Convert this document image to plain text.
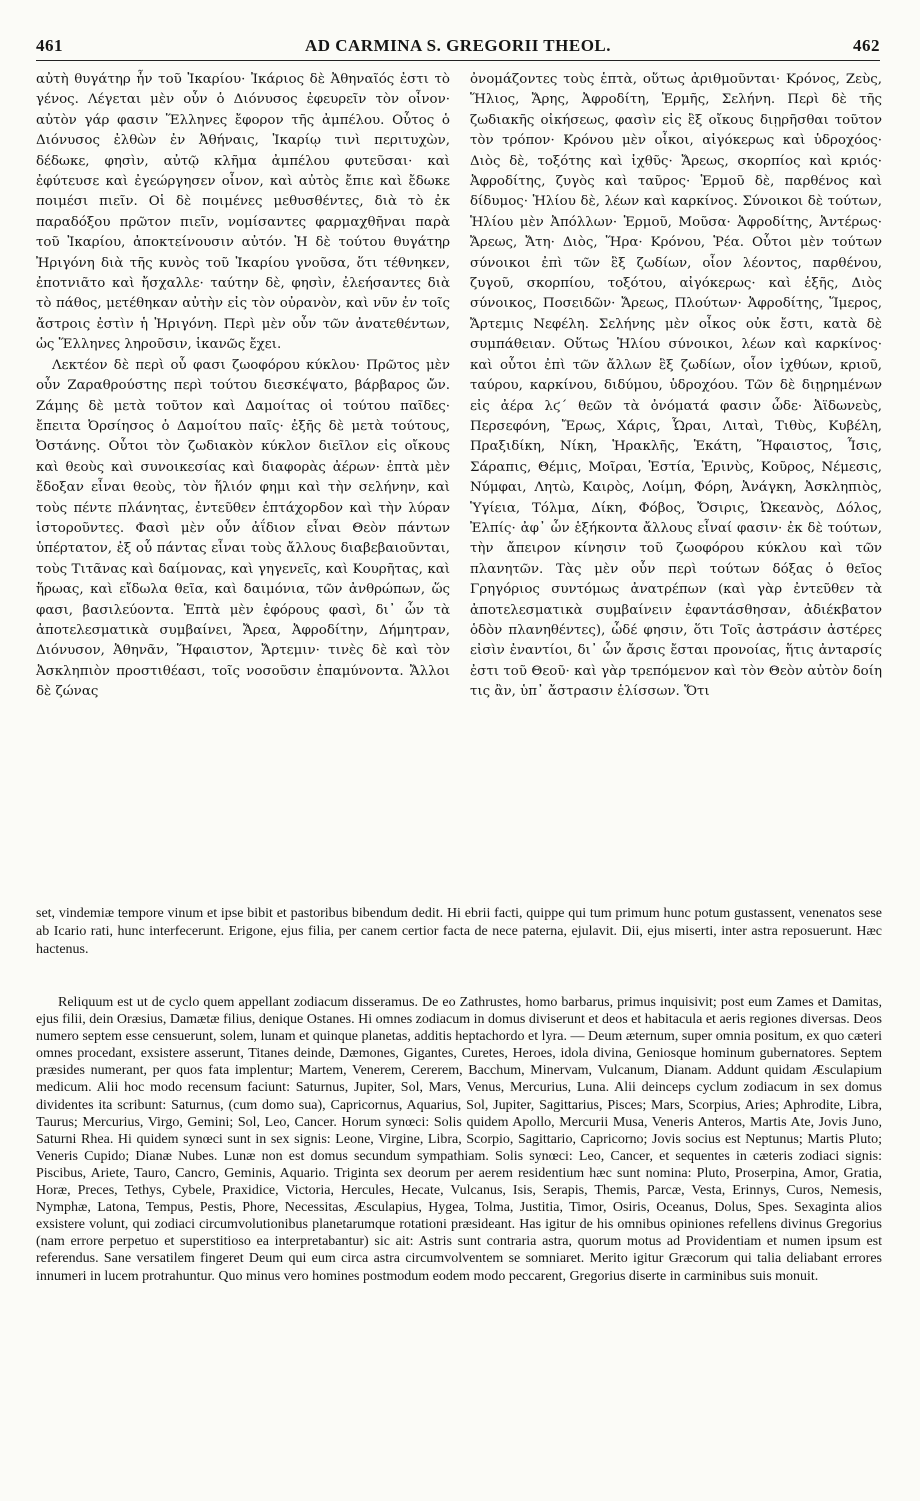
461	AD CARMINA S. GREGORII THEOL.	462

αὐτὴ θυγάτηρ ἦν τοῦ Ἰκαρίου· Ἰκάριος δὲ Ἀθηναῖός ἐστι τὸ γένος. Λέγεται μὲν οὖν ὁ Διόνυσος ἐφευρεῖν τὸν οἶνον· αὐτὸν γάρ φασιν Ἕλληνες ἔφορον τῆς ἀμπέλου. Οὗτος ὁ Διόνυσος ἐλθὼν ἐν Ἀθήναις, Ἰκαρίῳ τινὶ περιτυχὼν, δέδωκε, φησὶν, αὐτῷ κλῆμα ἀμπέλου φυτεῦσαι· καὶ ἐφύτευσε καὶ ἐγεώργησεν οἶνον, καὶ αὐτὸς ἔπιε καὶ ἔδωκε ποιμέσι πιεῖν. Οἱ δὲ ποιμένες μεθυσθέντες, διὰ τὸ ἐκ παραδόξου πρῶτον πιεῖν, νομίσαντες φαρμαχθῆναι παρὰ τοῦ Ἰκαρίου, ἀποκτείνουσιν αὐτόν. Ἡ δὲ τούτου θυγάτηρ Ἠριγόνη διὰ τῆς κυνὸς τοῦ Ἰκαρίου γνοῦσα, ὅτι τέθνηκεν, ἐποτνιᾶτο καὶ ἤσχαλλε· ταύτην δὲ, φησὶν, ἐλεήσαντες διὰ τὸ πάθος, μετέθηκαν αὐτὴν εἰς τὸν οὐρανὸν, καὶ νῦν ἐν τοῖς ἄστροις ἐστὶν ἡ Ἠριγόνη. Περὶ μὲν οὖν τῶν ἀνατεθέντων, ὡς Ἕλληνες ληροῦσιν, ἱκανῶς ἔχει.

Λεκτέον δὲ περὶ οὗ φασι ζωοφόρου κύκλου· Πρῶτος μὲν οὖν Ζαραθρούστης περὶ τούτου διεσκέψατο, βάρβαρος ὤν. Ζάμης δὲ μετὰ τοῦτον καὶ Δαμοίτας οἱ τούτου παῖδες· ἔπειτα Ὀρσίησος ὁ Δαμοίτου παῖς· ἐξῆς δὲ μετὰ τούτους, Ὀστάνης. Οὗτοι τὸν ζωδιακὸν κύκλον διεῖλον εἰς οἴκους καὶ θεοὺς καὶ συνοικεσίας καὶ διαφορὰς ἀέρων· ἑπτὰ μὲν ἔδοξαν εἶναι θεοὺς, τὸν ἥλιόν φημι καὶ τὴν σελήνην, καὶ τοὺς πέντε πλάνητας, ἐντεῦθεν ἑπτάχορδον καὶ τὴν λύραν ἱστοροῦντες. Φασὶ μὲν οὖν ἀΐδιον εἶναι Θεὸν πάντων ὑπέρτατον, ἐξ οὗ πάντας εἶναι τοὺς ἄλλους διαβεβαιοῦνται, τοὺς Τιτᾶνας καὶ δαίμονας, καὶ γηγενεῖς, καὶ Κουρῆτας, καὶ ἥρωας, καὶ εἴδωλα θεῖα, καὶ δαιμόνια, τῶν ἀνθρώπων, ὥς φασι, βασιλεύοντα. Ἑπτὰ μὲν ἐφόρους φασὶ, δι᾽ ὧν τὰ ἀποτελεσματικὰ συμβαίνει, Ἄρεα, Ἀφροδίτην, Δήμητραν, Διόνυσον, Ἀθηνᾶν, Ἥφαιστον, Ἄρτεμιν· τινὲς δὲ καὶ τὸν Ἀσκληπιὸν προστιθέασι, τοῖς νοσοῦσιν ἐπαμύνοντα. Ἄλλοι δὲ ζώνας

ὀνομάζοντες τοὺς ἑπτὰ, οὕτως ἀριθμοῦνται· Κρόνος, Ζεὺς, Ἥλιος, Ἄρης, Ἀφροδίτη, Ἑρμῆς, Σελήνη. Περὶ δὲ τῆς ζωδιακῆς οἰκήσεως, φασὶν εἰς ἓξ οἴκους διῃρῆσθαι τοῦτον τὸν τρόπον· Κρόνου μὲν οἶκοι, αἰγόκερως καὶ ὑδροχόος· Διὸς δὲ, τοξότης καὶ ἰχθῦς· Ἄρεως, σκορπίος καὶ κριός· Ἀφροδίτης, ζυγὸς καὶ ταῦρος· Ἑρμοῦ δὲ, παρθένος καὶ δίδυμος· Ἡλίου δὲ, λέων καὶ καρκίνος. Σύνοικοι δὲ τούτων, Ἡλίου μὲν Ἀπόλλων· Ἑρμοῦ, Μοῦσα· Ἀφροδίτης, Ἀντέρως· Ἄρεως, Ἄτη· Διὸς, Ἥρα· Κρόνου, Ῥέα. Οὗτοι μὲν τούτων σύνοικοι ἐπὶ τῶν ἓξ ζωδίων, οἷον λέοντος, παρθένου, ζυγοῦ, σκορπίου, τοξότου, αἰγόκερως· καὶ ἑξῆς, Διὸς σύνοικος, Ποσειδῶν· Ἄρεως, Πλούτων· Ἀφροδίτης, Ἵμερος, Ἄρτεμις Νεφέλη. Σελήνης μὲν οἶκος οὐκ ἔστι, κατὰ δὲ συμπάθειαν. Οὕτως Ἡλίου σύνοικοι, λέων καὶ καρκίνος· καὶ οὗτοι ἐπὶ τῶν ἄλλων ἓξ ζωδίων, οἷον ἰχθύων, κριοῦ, ταύρου, καρκίνου, διδύμου, ὑδροχόου. Τῶν δὲ διῃρημένων εἰς ἀέρα λϛ´ θεῶν τὰ ὀνόματά φασιν ὧδε· Ἀϊδωνεὺς, Περσεφόνη, Ἔρως, Χάρις, Ὧραι, Λιταὶ, Τιθὺς, Κυβέλη, Πραξιδίκη, Νίκη, Ἡρακλῆς, Ἑκάτη, Ἥφαιστος, Ἶσις, Σάραπις, Θέμις, Μοῖραι, Ἑστία, Ἐρινὺς, Κοῦρος, Νέμεσις, Νύμφαι, Λητὼ, Καιρὸς, Λοίμη, Φόρη, Ἀνάγκη, Ἀσκληπιὸς, Ὑγίεια, Τόλμα, Δίκη, Φόβος, Ὄσιρις, Ὠκεανὸς, Δόλος, Ἐλπίς· ἀφ᾽ ὧν ἑξήκοντα ἄλλους εἶναί φασιν· ἐκ δὲ τούτων, τὴν ἄπειρον κίνησιν τοῦ ζωοφόρου κύκλου καὶ τῶν πλανητῶν. Τὰς μὲν οὖν περὶ τούτων δόξας ὁ θεῖος Γρηγόριος συντόμως ἀνατρέπων (καὶ γὰρ ἐντεῦθεν τὰ ἀποτελεσματικὰ συμβαίνειν ἐφαντάσθησαν, ἀδιέκβατον ὁδὸν πλανηθέντες), ὧδέ φησιν, ὅτι Τοῖς ἀστράσιν ἀστέρες εἰσὶν ἐναντίοι, δι᾽ ὧν ἄρσις ἔσται προνοίας, ἥτις ἀνταρσίς ἐστι τοῦ Θεοῦ· καὶ γὰρ τρεπόμενον καὶ τὸν Θεὸν αὐτὸν δοίη τις ἂν, ὑπ᾽ ἄστρασιν ἑλίσσων. Ὅτι

set, vindemiæ tempore vinum et ipse bibit et pastoribus bibendum dedit. Hi ebrii facti, quippe qui tum primum hunc potum gustassent, venenatos sese ab Icario rati, hunc interfecerunt. Erigone, ejus filia, per canem certior facta de nece paterna, ejulavit. Dii, ejus miserti, inter astra reposuerunt. Hæc hactenus.

Reliquum est ut de cyclo quem appellant zodiacum disseramus. De eo Zathrustes, homo barbarus, primus inquisivit; post eum Zames et Damitas, ejus filii, dein Oræsius, Damætæ filius, denique Ostanes. Hi omnes zodiacum in domus diviserunt et deos et habitacula et aeris regiones diversas. Deos numero septem esse censuerunt, solem, lunam et quinque planetas, additis heptachordo et lyra. — Deum æternum, super omnia positum, ex quo cæteri omnes procedant, exsistere asserunt, Titanes deinde, Dæmones, Gigantes, Curetes, Heroes, idola divina, Geniosque hominum gubernatores. Septem præsides numerant, per quos fata implentur; Martem, Venerem, Cererem, Bacchum, Minervam, Vulcanum, Dianam. Addunt quidam Æsculapium medicum. Alii hoc modo recensum faciunt: Saturnus, Jupiter, Sol, Mars, Venus, Mercurius, Luna. Alii deinceps cyclum zodiacum in sex domus dividentes ita scribunt: Saturnus, (cum domo sua), Capricornus, Aquarius, Sol, Jupiter, Sagittarius, Pisces; Mars, Scorpius, Aries; Aphrodite, Libra, Taurus; Mercurius, Virgo, Gemini; Sol, Leo, Cancer. Horum synœci: Solis quidem Apollo, Mercurii Musa, Veneris Anteros, Martis Ate, Jovis Juno, Saturni Rhea. Hi quidem synœci sunt in sex signis: Leone, Virgine, Libra, Scorpio, Sagittario, Capricorno; Jovis socius est Neptunus; Martis Pluto; Veneris Cupido; Dianæ Nubes. Lunæ non est domus secundum sympathiam. Solis synœci: Leo, Cancer, et sequentes in cæteris zodiaci signis: Piscibus, Ariete, Tauro, Cancro, Geminis, Aquario. Triginta sex deorum per aerem residentium hæc sunt nomina: Pluto, Proserpina, Amor, Gratia, Horæ, Preces, Tethys, Cybele, Praxidice, Victoria, Hercules, Hecate, Vulcanus, Isis, Serapis, Themis, Parcæ, Vesta, Erinnys, Curos, Nemesis, Nymphæ, Latona, Tempus, Pestis, Phore, Necessitas, Æsculapius, Hygea, Tolma, Justitia, Timor, Osiris, Oceanus, Dolus, Spes. Sexaginta alios exsistere volunt, qui zodiaci circumvolutionibus planetarumque rotationi præsideant. Has igitur de his omnibus opiniones refellens divinus Gregorius (nam errore perpetuo et superstitioso ea interpretabantur) sic ait: Astris sunt contraria astra, quorum motus ad Providentiam et numen ipsum est referendus. Sane versatilem fingeret Deum qui eum circa astra circumvolventem se somniaret. Merito igitur Græcorum qui talia deliabant errores innumeri in lucem protrahuntur. Quo minus vero homines postmodum eodem modo peccarent, Gregorius diserte in carminibus suis monuit.
